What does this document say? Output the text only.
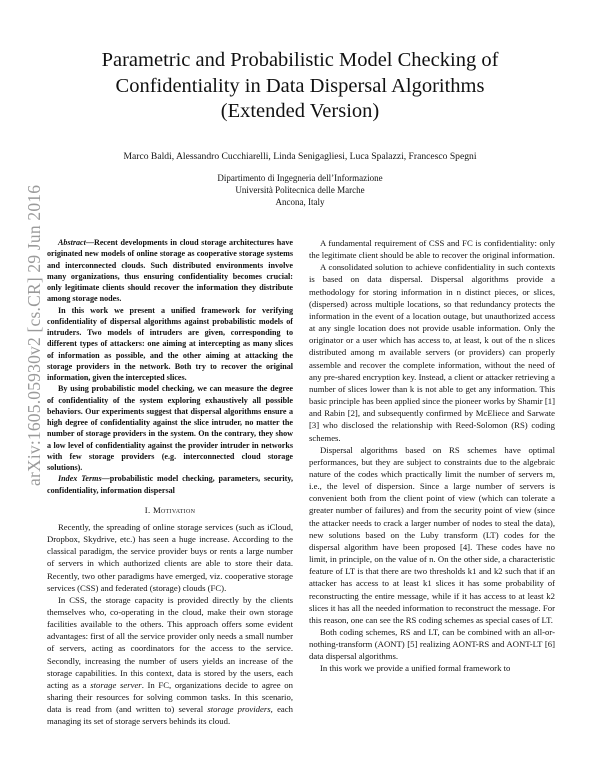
Parametric and Probabilistic Model Checking of
Confidentiality in Data Dispersal Algorithms
(Extended Version)
Marco Baldi, Alessandro Cucchiarelli, Linda Senigagliesi, Luca Spalazzi, Francesco Spegni
Dipartimento di Ingegneria dell’Informazione
Università Politecnica delle Marche
Ancona, Italy
arXiv:1605.05930v2 [cs.CR] 29 Jun 2016	Abstract—Recent developments in cloud storage architectures have originated new models of online storage as cooperative storage systems and interconnected clouds. Such distributed environments involve many organizations, thus ensuring confidentiality becomes crucial: only legitimate clients should recover the information they distribute among storage nodes.

In this work we present a unified framework for verifying confidentiality of dispersal algorithms against probabilistic models of intruders. Two models of intruders are given, corresponding to different types of attackers: one aiming at intercepting as many slices of information as possible, and the other aiming at attacking the storage providers in the network. Both try to recover the original information, given the intercepted slices.

By using probabilistic model checking, we can measure the degree of confidentiality of the system exploring exhaustively all possible behaviors. Our experiments suggest that dispersal algorithms ensure a high degree of confidentiality against the slice intruder, no matter the number of storage providers in the system. On the contrary, they show a low level of confidentiality against the provider intruder in networks with few storage providers (e.g. interconnected cloud storage solutions).

Index Terms—probabilistic model checking, parameters, security, confidentiality, information dispersal

I. Motivation

Recently, the spreading of online storage services (such as iCloud, Dropbox, Skydrive, etc.) has seen a huge increase. According to the classical paradigm, the service provider buys or rents a large number of servers in which authorized clients are able to store their data. Recently, two other paradigms have emerged, viz. cooperative storage services (CSS) and federated (storage) clouds (FC).

In CSS, the storage capacity is provided directly by the clients themselves who, co-operating in the cloud, make their own storage facilities available to the others. This approach offers some evident advantages: first of all the service provider only needs a small number of servers, acting as coordinators for the access to the service. Secondly, increasing the number of users yields an increase of the storage capabilities. In this context, data is stored by the users, each acting as a storage server. In FC, organizations decide to agree on sharing their resources for solving common tasks. In this scenario, data is read from (and written to) several storage providers, each managing its set of storage servers behinds its cloud.

A fundamental requirement of CSS and FC is confidentiality: only the legitimate client should be able to recover the original information.

A consolidated solution to achieve confidentiality in such contexts is based on data dispersal. Dispersal algorithms provide a methodology for storing information in n distinct pieces, or slices, (dispersed) across multiple locations, so that redundancy protects the information in the event of a location outage, but unauthorized access at any single location does not provide usable information. Only the originator or a user which has access to, at least, k out of the n slices distributed among m available servers (or providers) can properly assemble and recover the complete information, without the need of any pre-shared encryption key. Instead, a client or attacker retrieving a number of slices lower than k is not able to get any information. This basic principle has been applied since the pioneer works by Shamir [1] and Rabin [2], and subsequently confirmed by McEliece and Sarwate [3] who disclosed the relationship with Reed-Solomon (RS) coding schemes.

Dispersal algorithms based on RS schemes have optimal performances, but they are subject to constraints due to the algebraic nature of the codes which practically limit the number of servers m, i.e., the level of dispersion. Since a large number of servers is convenient both from the client point of view (which can tolerate a greater number of failures) and from the security point of view (since the attacker needs to crack a larger number of nodes to steal the data), new solutions based on the Luby transform (LT) codes for the dispersal algorithm have been proposed [4]. These codes have no limit, in principle, on the value of n. On the other side, a characteristic feature of LT is that there are two thresholds k1 and k2 such that if an attacker has access to at least k1 slices it has some probability of reconstructing the entire message, while if it has access to at least k2 slices it has all the needed information to reconstruct the message. For this reason, one can see the RS coding schemes as special cases of LT.

Both coding schemes, RS and LT, can be combined with an all-or-nothing-transform (AONT) [5] realizing AONT-RS and AONT-LT [6] data dispersal algorithms.

In this work we provide a unified formal framework to
